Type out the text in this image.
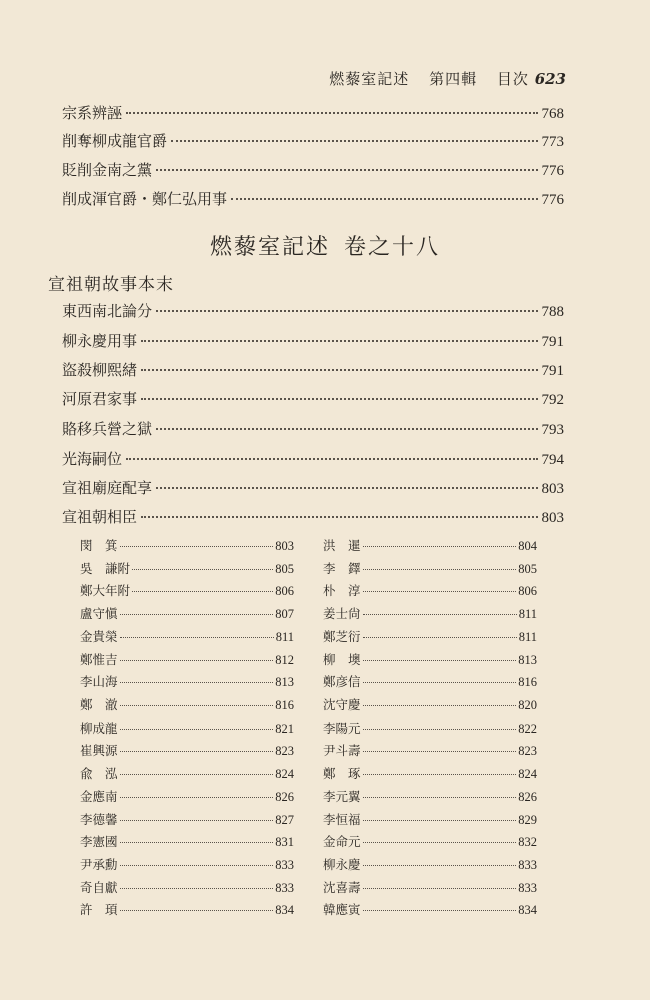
燃藜室記述 第四輯 目次 623
宗系辨誣	768
削奪柳成龍官爵	773
貶削金南之黨	776
削成渾官爵・鄭仁弘用事	776
燃藜室記述 卷之十八
宣祖朝故事本末
東西南北論分	788
柳永慶用事	791
盜殺柳熙緖	791
河原君家事	792
賂移兵營之獄	793
光海嗣位	794
宣祖廟庭配享	803
宣祖朝相臣	803
閔　箕	803
吳　謙附	805
鄭大年附	806
盧守愼	807
金貴榮	811
鄭惟吉	812
李山海	813
鄭　澈	816
柳成龍	821
崔興源	823
兪　泓	824
金應南	826
李德馨	827
李憲國	831
尹承勳	833
奇自獻	833
許　頊	834
洪　暹	804
李　鐸	805
朴　淳	806
姜士尙	811
鄭芝衍	811
柳　墺	813
鄭彦信	816
沈守慶	820
李陽元	822
尹斗壽	823
鄭　琢	824
李元翼	826
李恒福	829
金命元	832
柳永慶	833
沈喜壽	833
韓應寅	834
